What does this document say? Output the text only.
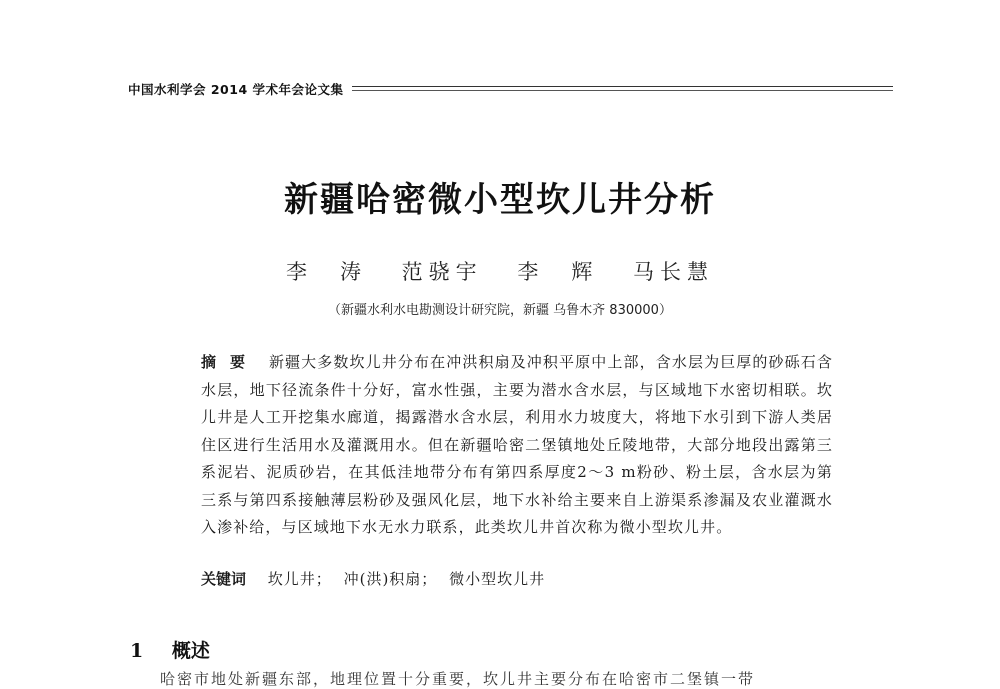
中国水利学会 2014 学术年会论文集
新疆哈密微小型坎儿井分析
李　涛 范骁宇 李　辉 马长慧
（新疆水利水电勘测设计研究院，新疆 乌鲁木齐 830000）
摘要 新疆大多数坎儿井分布在冲洪积扇及冲积平原中上部，含水层为巨厚的砂砾石含水层，地下径流条件十分好，富水性强，主要为潜水含水层，与区域地下水密切相联。坎儿井是人工开挖集水廊道，揭露潜水含水层，利用水力坡度大，将地下水引到下游人类居住区进行生活用水及灌溉用水。但在新疆哈密二堡镇地处丘陵地带，大部分地段出露第三系泥岩、泥质砂岩，在其低洼地带分布有第四系厚度2～3 m粉砂、粉土层，含水层为第三系与第四系接触薄层粉砂及强风化层，地下水补给主要来自上游渠系渗漏及农业灌溉水入渗补给，与区域地下水无水力联系，此类坎儿井首次称为微小型坎儿井。
关键词 坎儿井； 冲(洪)积扇； 微小型坎儿井
1 概述
哈密市地处新疆东部，地理位置十分重要，坎儿井主要分布在哈密市二堡镇一带
